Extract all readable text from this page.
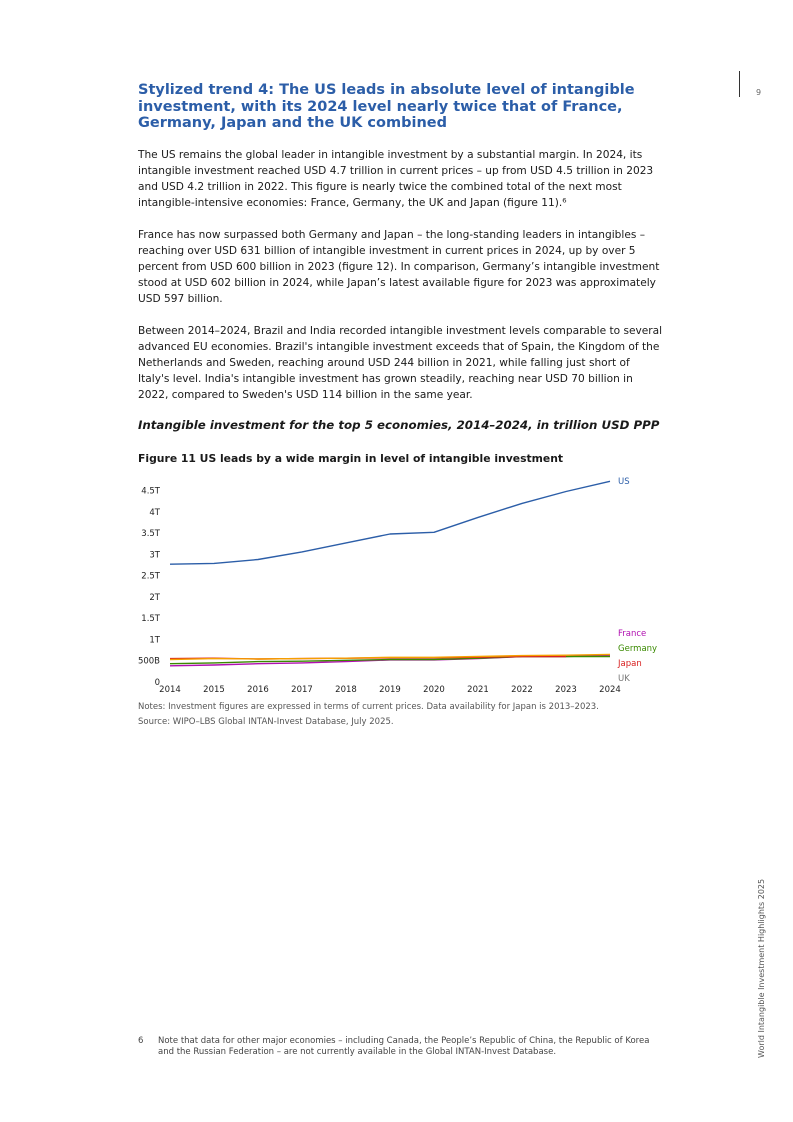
9
World Intangible Investment Highlights 2025
Stylized trend 4: The US leads in absolute level of intangible investment, with its 2024 level nearly twice that of France, Germany, Japan and the UK combined

The US remains the global leader in intangible investment by a substantial margin. In 2024, its intangible investment reached USD 4.7 trillion in current prices – up from USD 4.5 trillion in 2023 and USD 4.2 trillion in 2022. This figure is nearly twice the combined total of the next most intangible-intensive economies: France, Germany, the UK and Japan (figure 11).⁶

France has now surpassed both Germany and Japan – the long-standing leaders in intangibles – reaching over USD 631 billion of intangible investment in current prices in 2024, up by over 5 percent from USD 600 billion in 2023 (figure 12). In comparison, Germany’s intangible investment stood at USD 602 billion in 2024, while Japan’s latest available figure for 2023 was approximately USD 597 billion.

Between 2014–2024, Brazil and India recorded intangible investment levels comparable to several advanced EU economies. Brazil's intangible investment exceeds that of Spain, the Kingdom of the Netherlands and Sweden, reaching around USD 244 billion in 2021, while falling just short of Italy's level. India's intangible investment has grown steadily, reaching near USD 70 billion in 2022, compared to Sweden's USD 114 billion in the same year.

Intangible investment for the top 5 economies, 2014–2024, in trillion USD PPP
Figure 11 US leads by a wide margin in level of intangible investment
0
500B
1T
1.5T
2T
2.5T
3T
3.5T
4T
4.5T
2014	2015	2016	2017	2018	2019	2020	2021	2022	2023	2024
US
France
Germany
Japan
UK
Notes: Investment figures are expressed in terms of current prices. Data availability for Japan is 2013–2023.
Source: WIPO–LBS Global INTAN-Invest Database, July 2025.
6 Note that data for other major economies – including Canada, the People’s Republic of China, the Republic of Korea and the Russian Federation – are not currently available in the Global INTAN-Invest Database.
